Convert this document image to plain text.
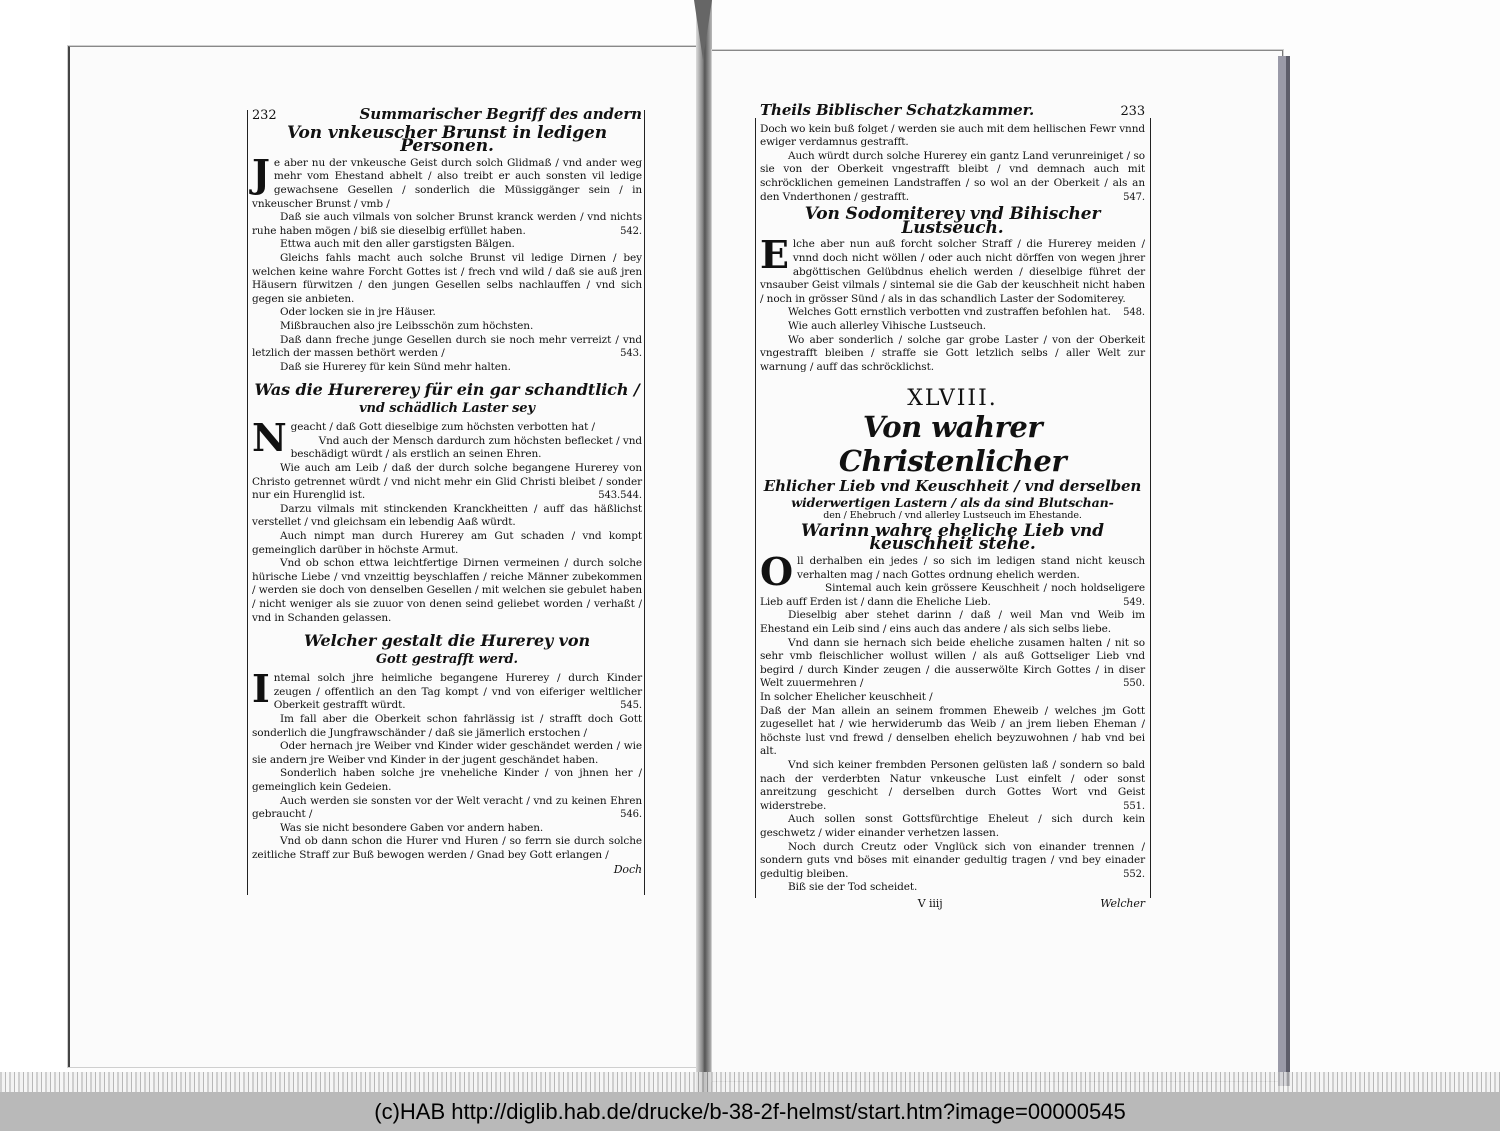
232	Summarischer Begriff des andern
Von vnkeuscher Brunst in ledigen Personen.

Je aber nu der vnkeusche Geist durch solch Glidmaß / vnd ander weg mehr vom Ehestand abhelt / also treibt er auch sonsten vil ledige gewachsene Gesellen / sonderlich die Müssiggänger sein / in vnkeuscher Brunst / vmb /

Daß sie auch vilmals von solcher Brunst kranck werden / vnd nichts ruhe haben mögen / biß sie dieselbig erfüllet haben.	542.

Ettwa auch mit den aller garstigsten Bälgen.

Gleichs fahls macht auch solche Brunst vil ledige Dirnen / bey welchen keine wahre Forcht Gottes ist / frech vnd wild / daß sie auß jren Häusern fürwitzen / den jungen Gesellen selbs nachlauffen / vnd sich gegen sie anbieten.

Oder locken sie in jre Häuser.

Mißbrauchen also jre Leibsschön zum höchsten.

Daß dann freche junge Gesellen durch sie noch mehr verreizt / vnd letzlich der massen bethört werden /	543.

Daß sie Hurerey für kein Sünd mehr halten.

Was die Hurererey für ein gar schandtlich /
vnd schädlich Laster sey

Ngeacht / daß Gott dieselbige zum höchsten verbotten hat /

Vnd auch der Mensch dardurch zum höchsten beflecket / vnd beschädigt würdt / als erstlich an seinen Ehren.

Wie auch am Leib / daß der durch solche begangene Hurerey von Christo getrennet würdt / vnd nicht mehr ein Glid Christi bleibet / sonder nur ein Hurenglid ist.	543.544.

Darzu vilmals mit stinckenden Kranckheitten / auff das häßlichst verstellet / vnd gleichsam ein lebendig Aaß würdt.

Auch nimpt man durch Hurerey am Gut schaden / vnd kompt gemeinglich darüber in höchste Armut.

Vnd ob schon ettwa leichtfertige Dirnen vermeinen / durch solche hürische Liebe / vnd vnzeittig beyschlaffen / reiche Männer zubekommen / werden sie doch von denselben Gesellen / mit welchen sie gebulet haben / nicht weniger als sie zuuor von denen seind geliebet worden / verhaßt / vnd in Schanden gelassen.

Welcher gestalt die Hurerey von
Gott gestrafft werd.

Intemal solch jhre heimliche begangene Hurerey / durch Kinder zeugen / offentlich an den Tag kompt / vnd von eiferiger weltlicher Oberkeit gestrafft würdt.	545.

Im fall aber die Oberkeit schon fahrlässig ist / strafft doch Gott sonderlich die Jungfrawschänder / daß sie jämerlich erstochen /

Oder hernach jre Weiber vnd Kinder wider geschändet werden / wie sie andern jre Weiber vnd Kinder in der jugent geschändet haben.

Sonderlich haben solche jre vneheliche Kinder / von jhnen her / gemeinglich kein Gedeien.

Auch werden sie sonsten vor der Welt veracht / vnd zu keinen Ehren gebraucht /	546.

Was sie nicht besondere Gaben vor andern haben.

Vnd ob dann schon die Hurer vnd Huren / so ferrn sie durch solche zeitliche Straff zur Buß bewogen werden / Gnad bey Gott erlangen /

Doch
Theils Biblischer Schatzkammer.	233

Doch wo kein buß folget / werden sie auch mit dem hellischen Fewr vnnd ewiger verdamnus gestrafft.

Auch würdt durch solche Hurerey ein gantz Land verunreiniget / so sie von der Oberkeit vngestrafft bleibt / vnd demnach auch mit schröcklichen gemeinen Landstraffen / so wol an der Oberkeit / als an den Vnderthonen / gestrafft.	547.

Von Sodomiterey vnd Bihischer Lustseuch.

Elche aber nun auß forcht solcher Straff / die Hurerey meiden / vnnd doch nicht wöllen / oder auch nicht dörffen von wegen jhrer abgöttischen Gelübdnus ehelich werden / dieselbige führet der vnsauber Geist vilmals / sintemal sie die Gab der keuschheit nicht haben / noch in grösser Sünd / als in das schandlich Laster der Sodomiterey.
548.

Welches Gott ernstlich verbotten vnd zustraffen befohlen hat.

Wie auch allerley Vihische Lustseuch.

Wo aber sonderlich / solche gar grobe Laster / von der Oberkeit vngestrafft bleiben / straffe sie Gott letzlich selbs / aller Welt zur warnung / auff das schröcklichst.

XLVIII.
Von wahrer Christenlicher
Ehlicher Lieb vnd Keuschheit / vnd derselben
widerwertigen Lastern / als da sind Blutschan-
den / Ehebruch / vnd allerley Lustseuch im Ehestande.
Warinn wahre eheliche Lieb vnd keuschheit stehe.

Oll derhalben ein jedes / so sich im ledigen stand nicht keusch verhalten mag / nach Gottes ordnung ehelich werden.

Sintemal auch kein grössere Keuschheit / noch holdseligere Lieb auff Erden ist / dann die Eheliche Lieb.	549.

Dieselbig aber stehet darinn / daß / weil Man vnd Weib im Ehestand ein Leib sind / eins auch das andere / als sich selbs liebe.

Vnd dann sie hernach sich beide eheliche zusamen halten / nit so sehr vmb fleischlicher wollust willen / als auß Gottseliger Lieb vnd begird / durch Kinder zeugen / die ausserwölte Kirch Gottes / in diser Welt zuuermehren /	550.

In solcher Ehelicher keuschheit /

Daß der Man allein an seinem frommen Eheweib / welches jm Gott zugesellet hat / wie herwiderumb das Weib / an jrem lieben Eheman / höchste lust vnd frewd / denselben ehelich beyzuwohnen / hab vnd bei alt.

Vnd sich keiner frembden Personen gelüsten laß / sondern so bald nach der verderbten Natur vnkeusche Lust einfelt / oder sonst anreitzung geschicht / derselben durch Gottes Wort vnd Geist widerstrebe.	551.

Auch sollen sonst Gottsfürchtige Eheleut / sich durch kein geschwetz / wider einander verhetzen lassen.

Noch durch Creutz oder Vnglück sich von einander trennen / sondern guts vnd böses mit einander gedultig tragen / vnd bey einader gedultig bleiben.	552.

Biß sie der Tod scheidet.

V iiij	Welcher
(c)HAB http://diglib.hab.de/drucke/b-38-2f-helmst/start.htm?image=00000545
